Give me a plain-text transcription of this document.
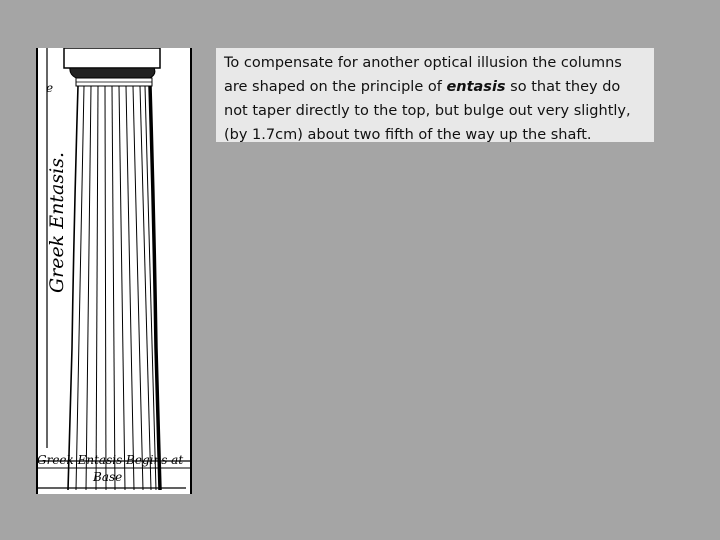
e
Greek Entasis.
Greek Entasis Begins at
Base
To compensate for another optical illusion the columns are shaped on the principle of entasis so that they do not taper directly to the top, but bulge out very slightly, (by 1.7cm) about two fifth of the way up the shaft.
